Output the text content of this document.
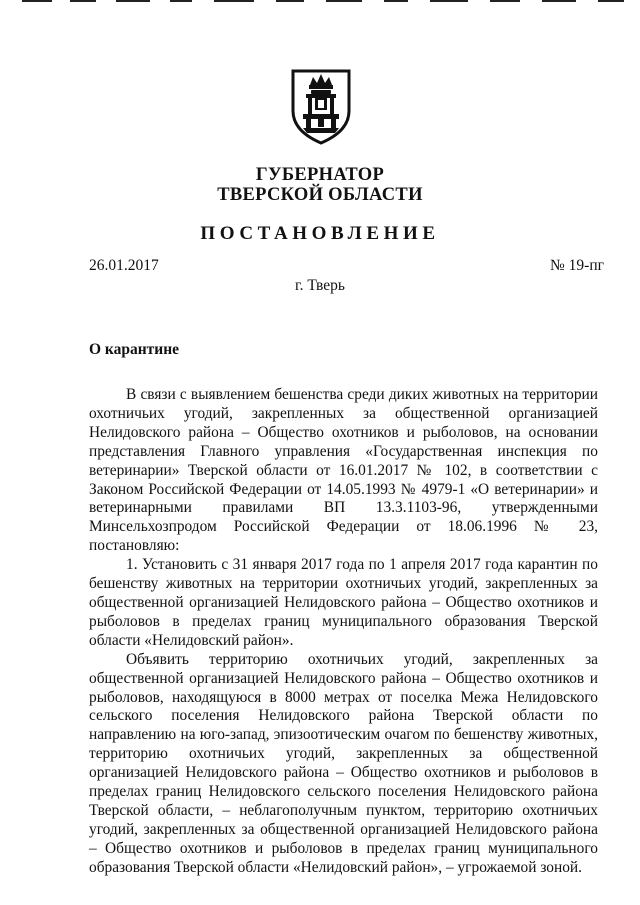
ГУБЕРНАТОР
ТВЕРСКОЙ ОБЛАСТИ
ПОСТАНОВЛЕНИЕ
26.01.2017	№ 19-пг
г. Тверь
О карантине

В связи с выявлением бешенства среди диких животных на территории охотничьих угодий, закрепленных за общественной организацией Нелидовского района – Общество охотников и рыболовов, на основании представления Главного управления «Государственная инспекция по ветеринарии» Тверской области от 16.01.2017 № 102, в соответствии с Законом Российской Федерации от 14.05.1993 № 4979-1 «О ветеринарии» и ветеринарными правилами ВП 13.3.1103-96, утвержденными Минсельхозпродом Российской Федерации от 18.06.1996 № 23, постановляю:

1. Установить с 31 января 2017 года по 1 апреля 2017 года карантин по бешенству животных на территории охотничьих угодий, закрепленных за общественной организацией Нелидовского района – Общество охотников и рыболовов в пределах границ муниципального образования Тверской области «Нелидовский район».

Объявить территорию охотничьих угодий, закрепленных за общественной организацией Нелидовского района – Общество охотников и рыболовов, находящуюся в 8000 метрах от поселка Межа Нелидовского сельского поселения Нелидовского района Тверской области по направлению на юго-запад, эпизоотическим очагом по бешенству животных, территорию охотничьих угодий, закрепленных за общественной организацией Нелидовского района – Общество охотников и рыболовов в пределах границ Нелидовского сельского поселения Нелидовского района Тверской области, – неблагополучным пунктом, территорию охотничьих угодий, закрепленных за общественной организацией Нелидовского района – Общество охотников и рыболовов в пределах границ муниципального образования Тверской области «Нелидовский район», – угрожаемой зоной.
